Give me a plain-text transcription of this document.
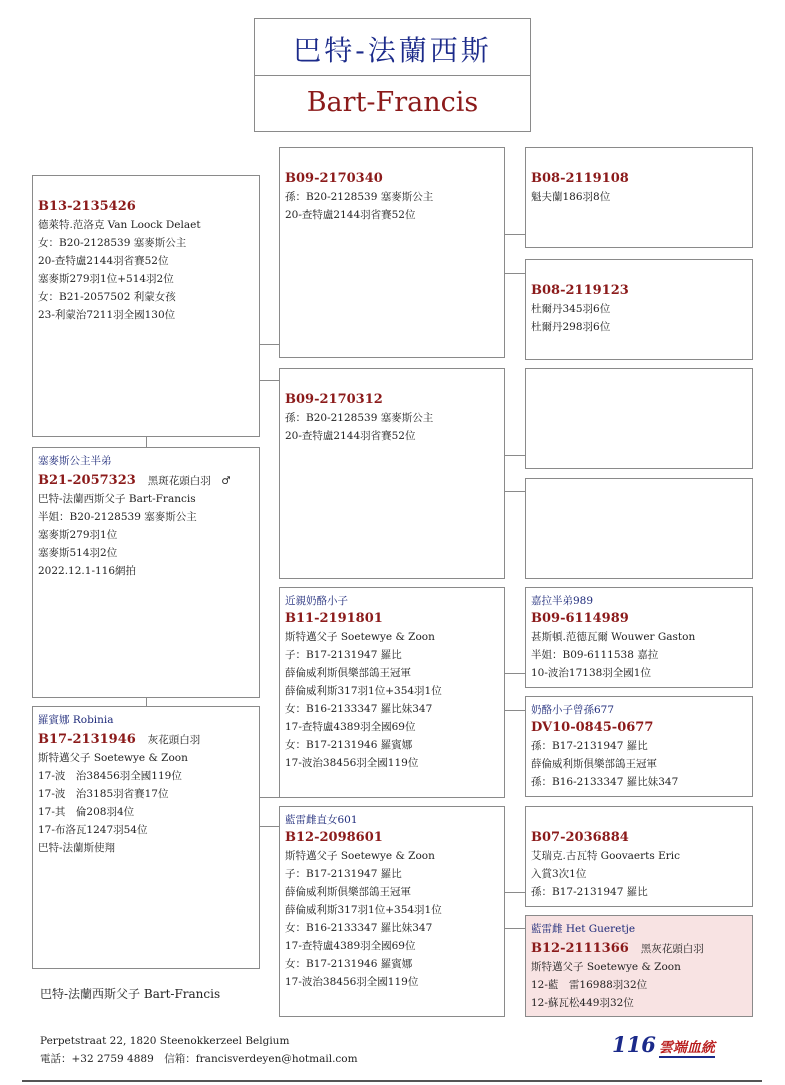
巴特-法蘭西斯
Bart-Francis
B13-2135426
德萊特.范洛克 Van Loock Delaet
女：B20-2128539 塞麥斯公主
20-查特盧2144羽省賽52位
塞麥斯279羽1位+514羽2位
女：B21-2057502 利蒙女孩
23-利蒙治7211羽全國130位
塞麥斯公主半弟
B21-2057323 黑斑花頭白羽　♂
巴特-法蘭西斯父子 Bart-Francis
半姐：B20-2128539 塞麥斯公主
塞麥斯279羽1位
塞麥斯514羽2位
2022.12.1-116網拍
羅賓娜 Robinia
B17-2131946 灰花頭白羽
斯特邁父子 Soetewye & Zoon
17-波　治38456羽全國119位
17-波　治3185羽省賽17位
17-其　倫208羽4位
17-布洛瓦1247羽54位
巴特-法蘭斯使翔
B09-2170340
孫：B20-2128539 塞麥斯公主
20-查特盧2144羽省賽52位
B09-2170312
孫：B20-2128539 塞麥斯公主
20-查特盧2144羽省賽52位
近親奶酪小子
B11-2191801
斯特邁父子 Soetewye & Zoon
子：B17-2131947 羅比
薛倫威利斯俱樂部鴿王冠軍
薛倫威利斯317羽1位+354羽1位
女：B16-2133347 羅比妹347
17-查特盧4389羽全國69位
女：B17-2131946 羅賓娜
17-波治38456羽全國119位
藍雷雌直女601
B12-2098601
斯特邁父子 Soetewye & Zoon
子：B17-2131947 羅比
薛倫威利斯俱樂部鴿王冠軍
薛倫威利斯317羽1位+354羽1位
女：B16-2133347 羅比妹347
17-查特盧4389羽全國69位
女：B17-2131946 羅賓娜
17-波治38456羽全國119位
B08-2119108
魁夫蘭186羽8位
B08-2119123
杜爾丹345羽6位
杜爾丹298羽6位
嘉拉半弟989
B09-6114989
甚斯頓.范德瓦爾 Wouwer Gaston
半姐：B09-6111538 嘉拉
10-波治17138羽全國1位
奶酪小子曾孫677
DV10-0845-0677
孫：B17-2131947 羅比
薛倫威利斯俱樂部鴿王冠軍
孫：B16-2133347 羅比妹347
B07-2036884
艾瑞克.古瓦特 Goovaerts Eric
入賞3次1位
孫：B17-2131947 羅比
藍雷雌 Het Gueretje
B12-2111366 黑灰花頭白羽
斯特邁父子 Soetewye & Zoon
12-藍　雷16988羽32位
12-蘇瓦松449羽32位
巴特-法蘭西斯父子 Bart-Francis
Perpetstraat 22, 1820 Steenokkerzeel Belgium
電話：+32 2759 4889　信箱：francisverdeyen@hotmail.com
116 雲端血統
